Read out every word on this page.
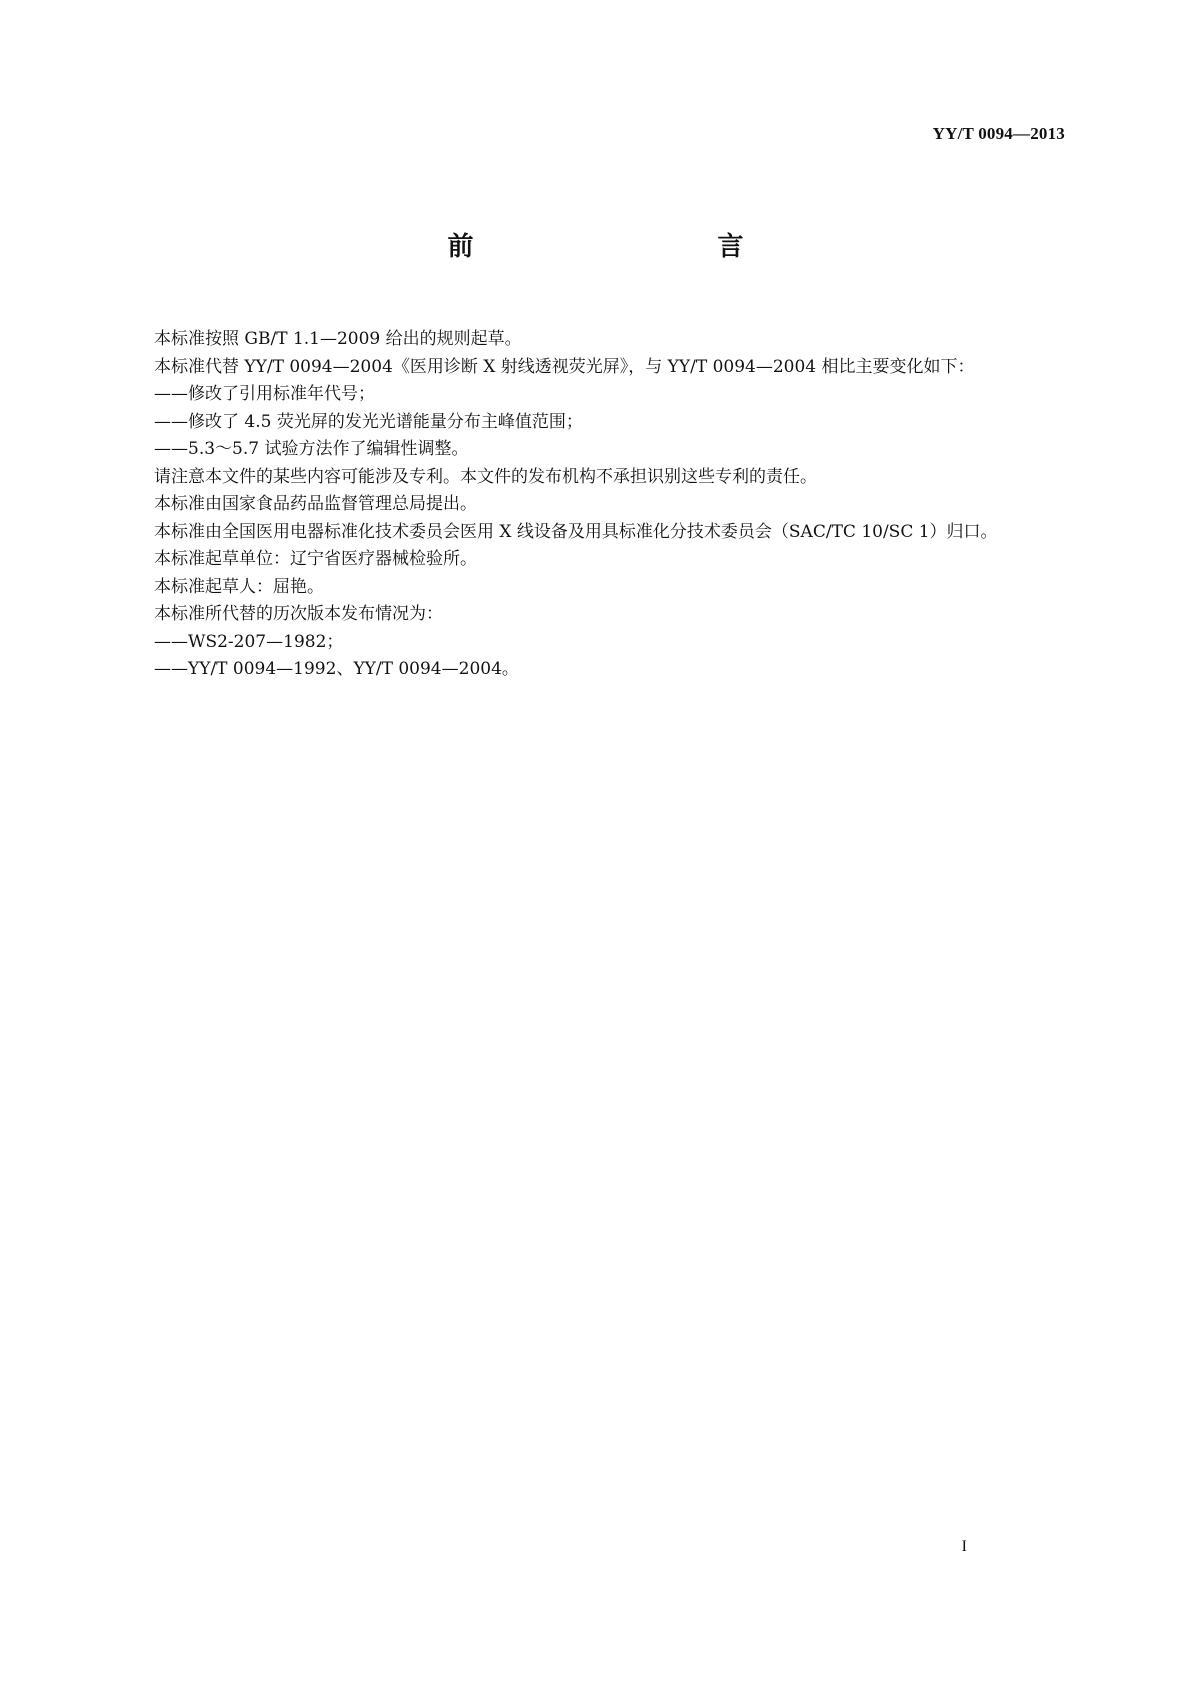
YY/T 0094—2013
前　　言

本标准按照 GB/T 1.1—2009 给出的规则起草。

本标准代替 YY/T 0094—2004《医用诊断 X 射线透视荧光屏》，与 YY/T 0094—2004 相比主要变化如下：

——修改了引用标准年代号；

——修改了 4.5 荧光屏的发光光谱能量分布主峰值范围；

——5.3～5.7 试验方法作了编辑性调整。

请注意本文件的某些内容可能涉及专利。本文件的发布机构不承担识别这些专利的责任。

本标准由国家食品药品监督管理总局提出。

本标准由全国医用电器标准化技术委员会医用 X 线设备及用具标准化分技术委员会（SAC/TC 10/SC 1）归口。

本标准起草单位：辽宁省医疗器械检验所。

本标准起草人：屈艳。

本标准所代替的历次版本发布情况为：

——WS2-207—1982；

——YY/T 0094—1992、YY/T 0094—2004。

I
